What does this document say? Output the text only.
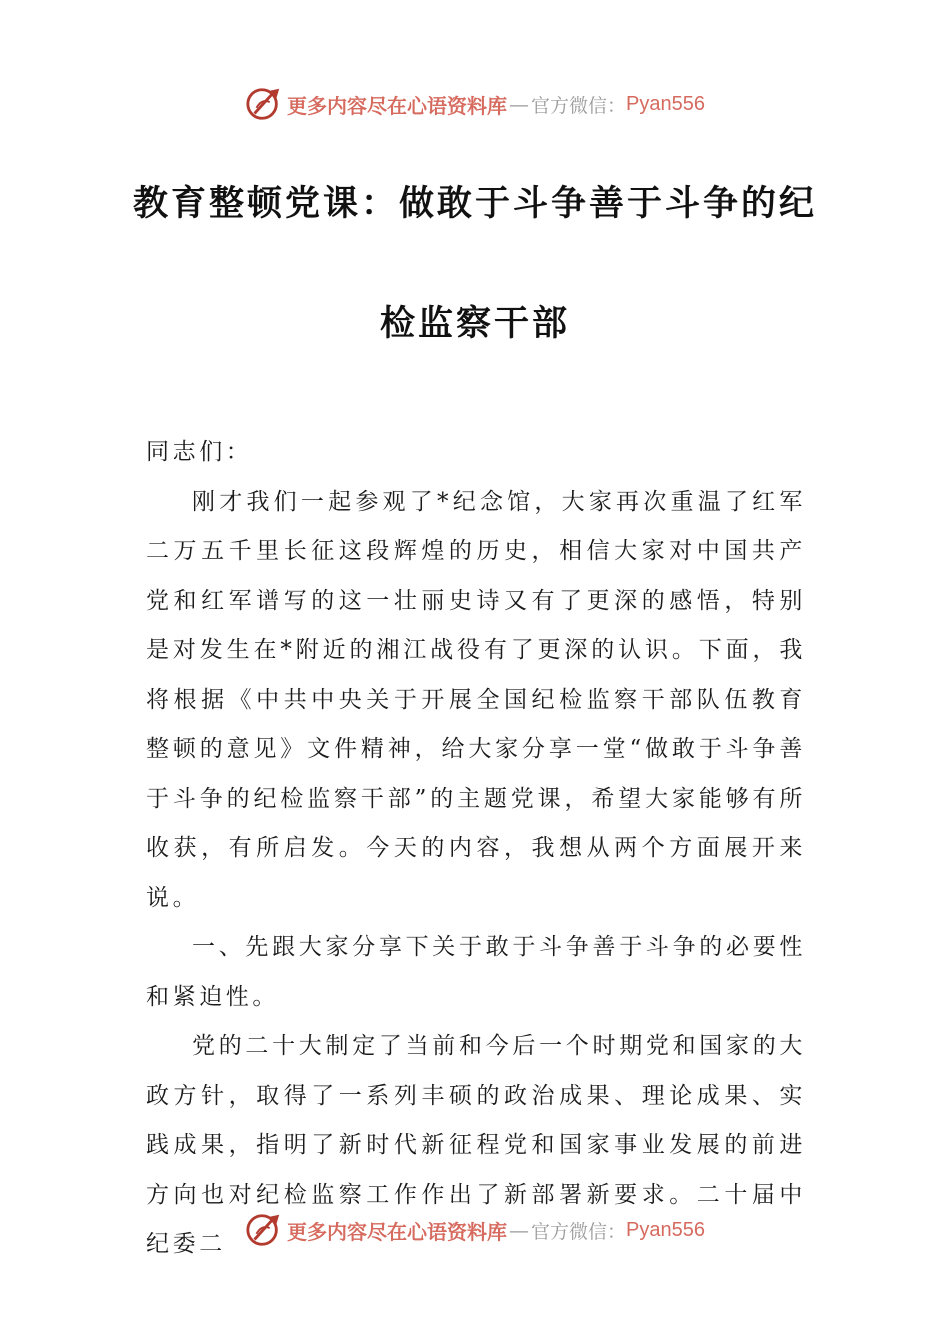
更多内容尽在心语资料库 — 官方微信： Pyan556
教育整顿党课：做敢于斗争善于斗争的纪
检监察干部

同志们：

刚才我们一起参观了*纪念馆，大家再次重温了红军二万五千里长征这段辉煌的历史，相信大家对中国共产党和红军谱写的这一壮丽史诗又有了更深的感悟，特别是对发生在*附近的湘江战役有了更深的认识。下面，我将根据《中共中央关于开展全国纪检监察干部队伍教育整顿的意见》文件精神，给大家分享一堂“做敢于斗争善于斗争的纪检监察干部”的主题党课，希望大家能够有所收获，有所启发。今天的内容，我想从两个方面展开来说。

一、先跟大家分享下关于敢于斗争善于斗争的必要性和紧迫性。

党的二十大制定了当前和今后一个时期党和国家的大政方针，取得了一系列丰硕的政治成果、理论成果、实践成果，指明了新时代新征程党和国家事业发展的前进方向也对纪检监察工作作出了新部署新要求。二十届中纪委二	更多内容尽在心语资料库 — 官方微信： Pyan556
